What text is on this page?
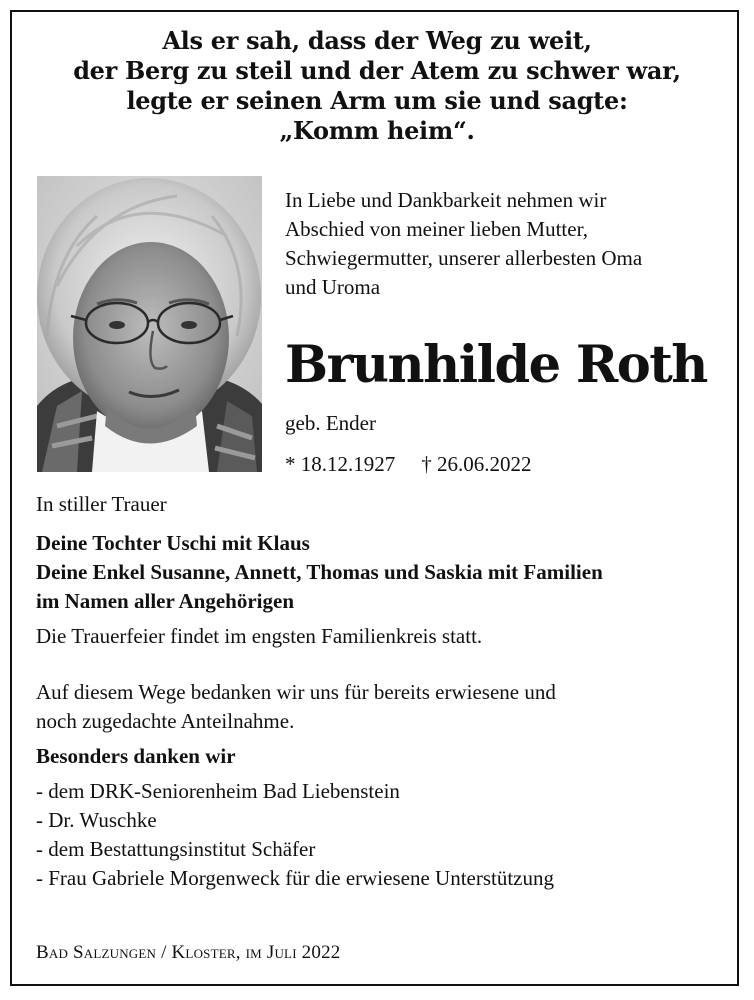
Als er sah, dass der Weg zu weit,
der Berg zu steil und der Atem zu schwer war,
legte er seinen Arm um sie und sagte:
„Komm heim“.
In Liebe und Dankbarkeit nehmen wir
Abschied von meiner lieben Mutter,
Schwiegermutter, unserer allerbesten Oma
und Uroma
Brunhilde Roth
geb. Ender
* 18.12.1927 † 26.06.2022
In stiller Trauer
Deine Tochter Uschi mit Klaus
Deine Enkel Susanne, Annett, Thomas und Saskia mit Familien
im Namen aller Angehörigen
Die Trauerfeier findet im engsten Familienkreis statt.
Auf diesem Wege bedanken wir uns für bereits erwiesene und
noch zugedachte Anteilnahme.
Besonders danken wir
- dem DRK-Seniorenheim Bad Liebenstein
- Dr. Wuschke
- dem Bestattungsinstitut Schäfer
- Frau Gabriele Morgenweck für die erwiesene Unterstützung
Bad Salzungen / Kloster, im Juli 2022
